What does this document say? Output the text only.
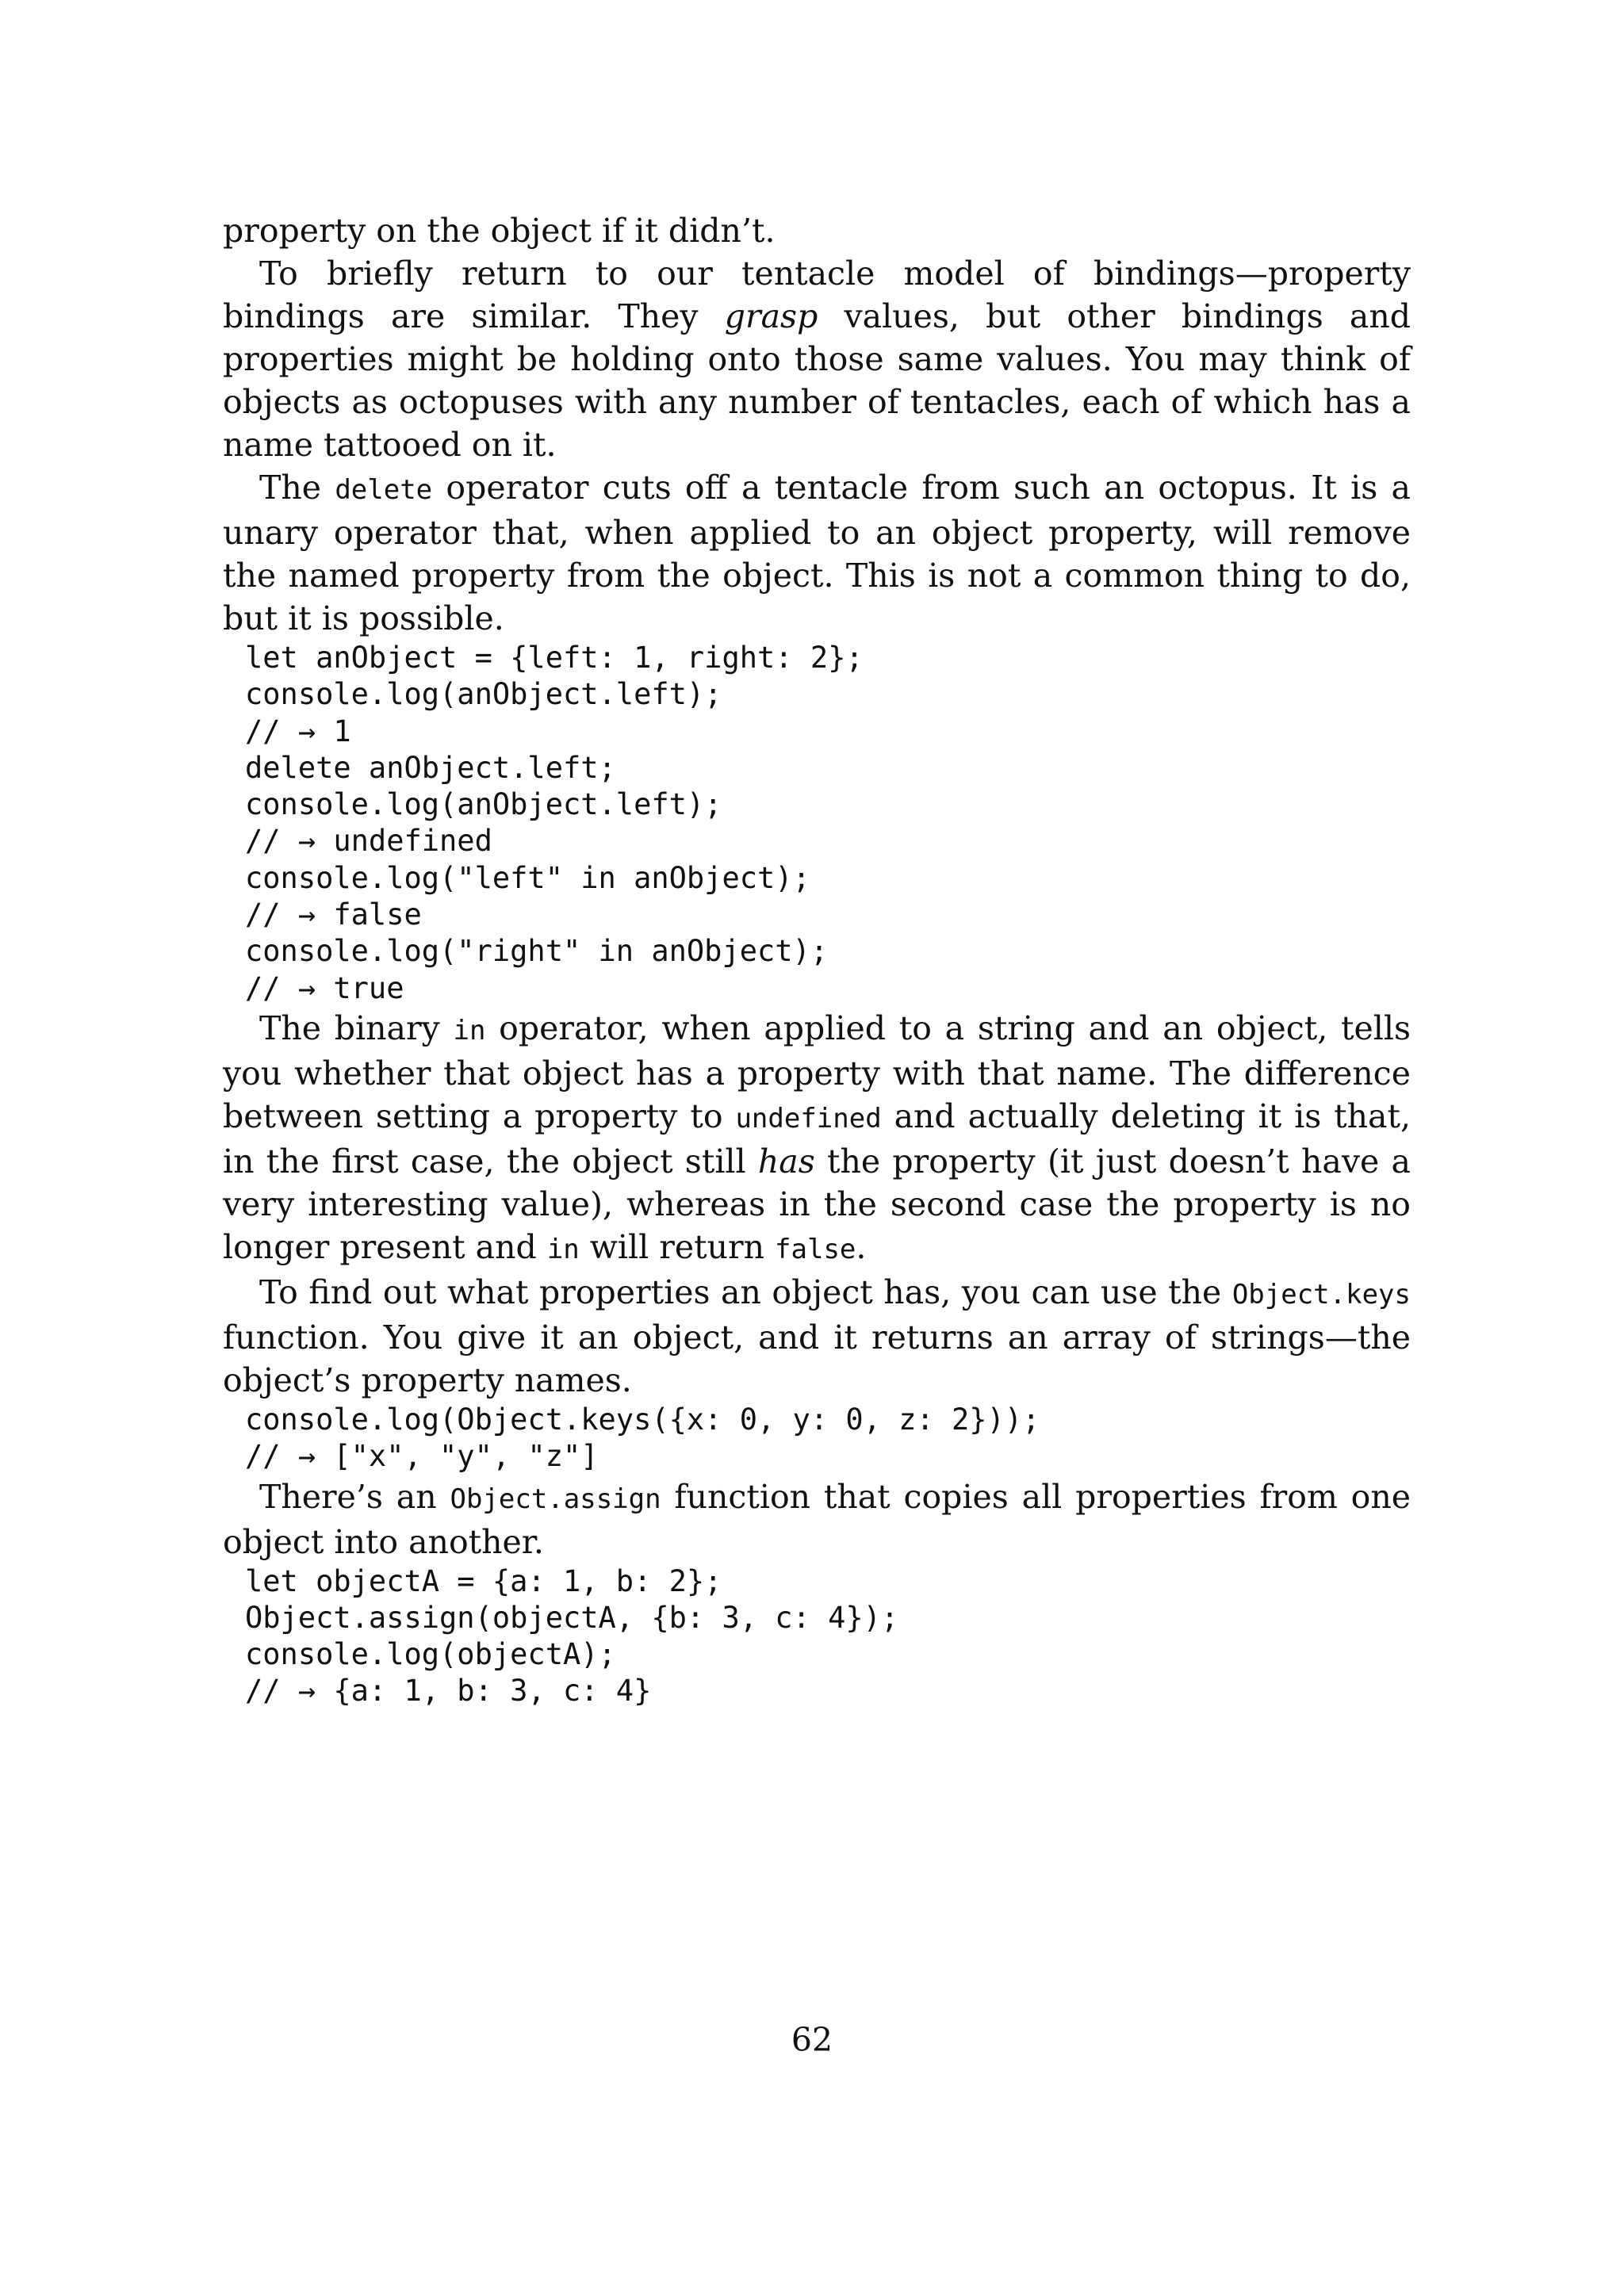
property on the object if it didn’t.

To briefly return to our tentacle model of bindings—property bindings are similar. They grasp values, but other bindings and properties might be holding onto those same values. You may think of objects as octopuses with any number of tentacles, each of which has a name tattooed on it.

The delete operator cuts off a tentacle from such an octopus. It is a unary operator that, when applied to an object property, will remove the named property from the object. This is not a common thing to do, but it is possible.

let anObject = {left: 1, right: 2};
console.log(anObject.left);
// → 1
delete anObject.left;
console.log(anObject.left);
// → undefined
console.log("left" in anObject);
// → false
console.log("right" in anObject);
// → true

The binary in operator, when applied to a string and an object, tells you whether that object has a property with that name. The difference between setting a property to undefined and actually deleting it is that, in the first case, the object still has the property (it just doesn’t have a very interesting value), whereas in the second case the property is no longer present and in will return false.

To find out what properties an object has, you can use the Object.keys function. You give it an object, and it returns an array of strings—the object’s property names.

console.log(Object.keys({x: 0, y: 0, z: 2}));
// → ["x", "y", "z"]

There’s an Object.assign function that copies all properties from one object into another.

let objectA = {a: 1, b: 2};
Object.assign(objectA, {b: 3, c: 4});
console.log(objectA);
// → {a: 1, b: 3, c: 4}
62
